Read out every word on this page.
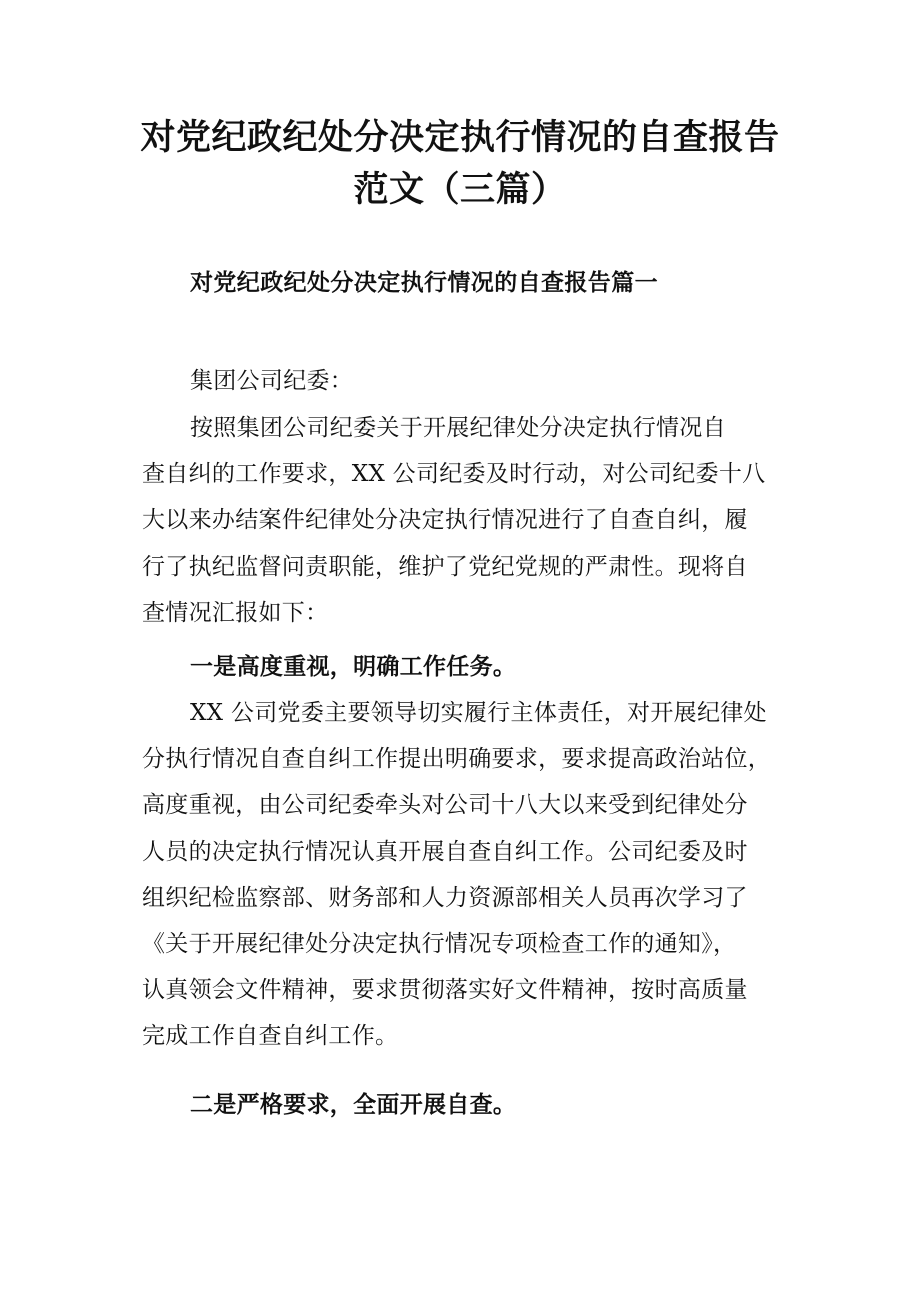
对党纪政纪处分决定执行情况的自查报告
范文（三篇）
对党纪政纪处分决定执行情况的自查报告篇一
集团公司纪委：
按照集团公司纪委关于开展纪律处分决定执行情况自
查自纠的工作要求，XX 公司纪委及时行动，对公司纪委十八
大以来办结案件纪律处分决定执行情况进行了自查自纠，履
行了执纪监督问责职能，维护了党纪党规的严肃性。现将自
查情况汇报如下：
一是高度重视，明确工作任务。
XX 公司党委主要领导切实履行主体责任，对开展纪律处
分执行情况自查自纠工作提出明确要求，要求提高政治站位，
高度重视，由公司纪委牵头对公司十八大以来受到纪律处分
人员的决定执行情况认真开展自查自纠工作。公司纪委及时
组织纪检监察部、财务部和人力资源部相关人员再次学习了
《关于开展纪律处分决定执行情况专项检查工作的通知》，
认真领会文件精神，要求贯彻落实好文件精神，按时高质量
完成工作自查自纠工作。
二是严格要求，全面开展自查。
